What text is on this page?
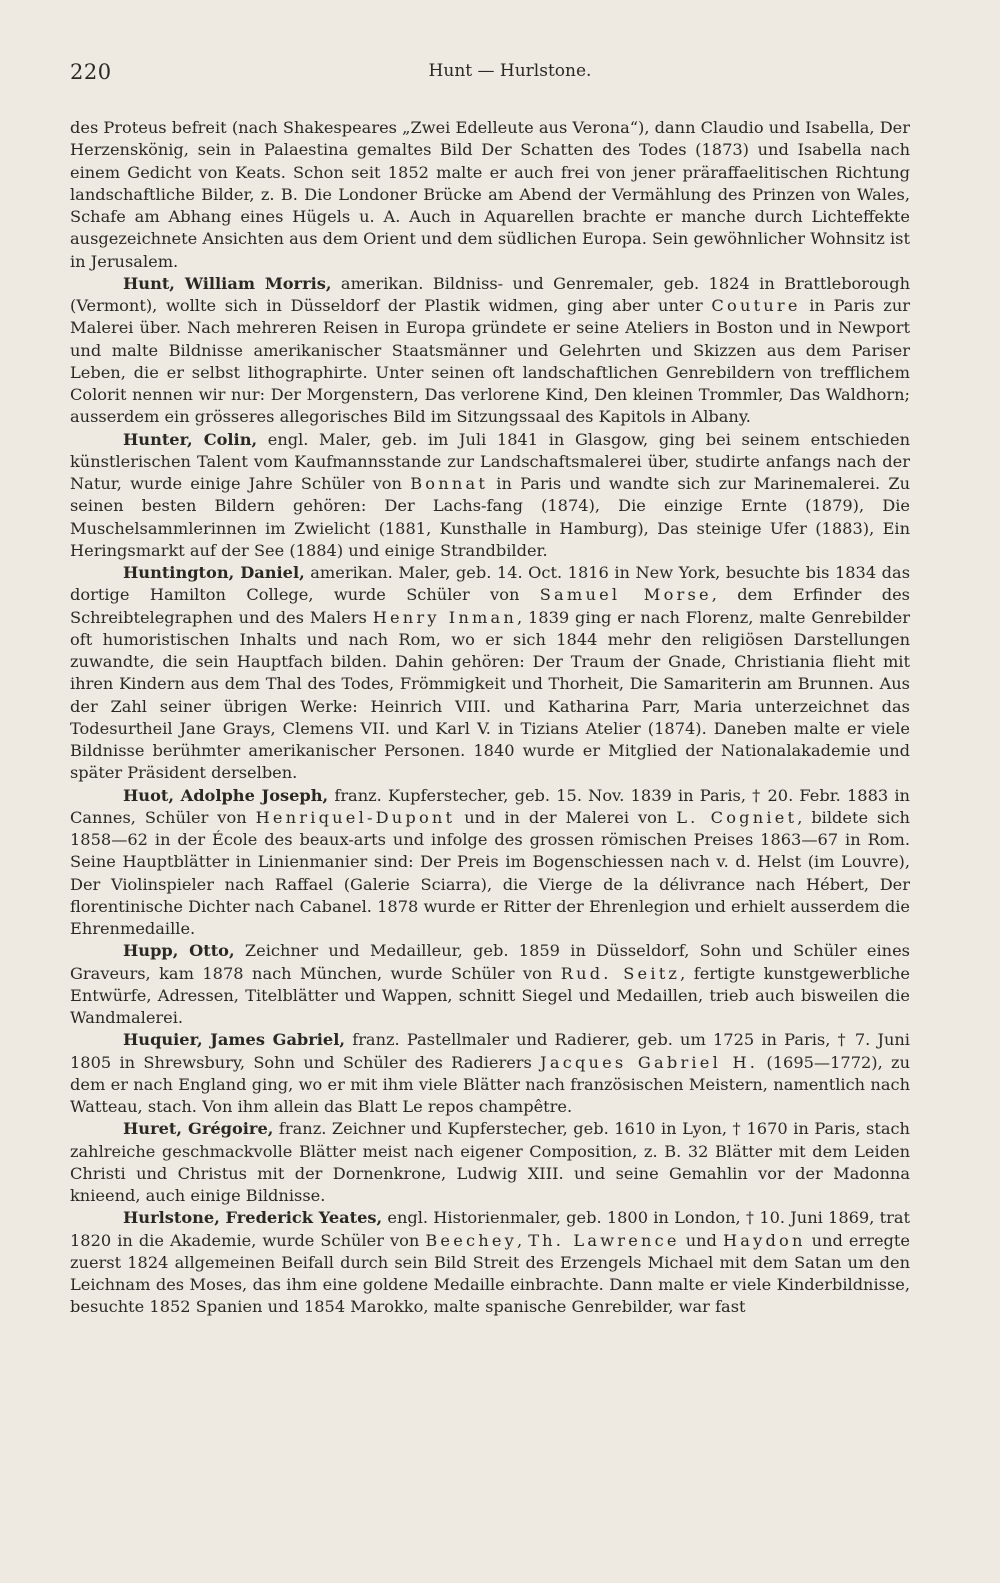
220	Hunt — Hurlstone.

des Proteus befreit (nach Shakespeares „Zwei Edelleute aus Verona“), dann Claudio und Isabella, Der Herzenskönig, sein in Palaestina gemaltes Bild Der Schatten des Todes (1873) und Isabella nach einem Gedicht von Keats. Schon seit 1852 malte er auch frei von jener präraffaelitischen Richtung landschaftliche Bilder, z. B. Die Londoner Brücke am Abend der Vermählung des Prinzen von Wales, Schafe am Abhang eines Hügels u. A. Auch in Aquarellen brachte er manche durch Lichteffekte ausgezeichnete Ansichten aus dem Orient und dem südlichen Europa. Sein gewöhnlicher Wohnsitz ist in Jerusalem.

Hunt, William Morris, amerikan. Bildniss- und Genremaler, geb. 1824 in Brattleborough (Vermont), wollte sich in Düsseldorf der Plastik widmen, ging aber unter Couture in Paris zur Malerei über. Nach mehreren Reisen in Europa gründete er seine Ateliers in Boston und in Newport und malte Bildnisse amerikanischer Staatsmänner und Gelehrten und Skizzen aus dem Pariser Leben, die er selbst lithographirte. Unter seinen oft landschaftlichen Genrebildern von trefflichem Colorit nennen wir nur: Der Morgenstern, Das verlorene Kind, Den kleinen Trommler, Das Waldhorn; ausserdem ein grösseres allegorisches Bild im Sitzungssaal des Kapitols in Albany.

Hunter, Colin, engl. Maler, geb. im Juli 1841 in Glasgow, ging bei seinem entschieden künstlerischen Talent vom Kaufmannsstande zur Landschaftsmalerei über, studirte anfangs nach der Natur, wurde einige Jahre Schüler von Bonnat in Paris und wandte sich zur Marinemalerei. Zu seinen besten Bildern gehören: Der Lachs-fang (1874), Die einzige Ernte (1879), Die Muschelsammlerinnen im Zwielicht (1881, Kunsthalle in Hamburg), Das steinige Ufer (1883), Ein Heringsmarkt auf der See (1884) und einige Strandbilder.

Huntington, Daniel, amerikan. Maler, geb. 14. Oct. 1816 in New York, besuchte bis 1834 das dortige Hamilton College, wurde Schüler von Samuel Morse, dem Erfinder des Schreibtelegraphen und des Malers Henry Inman, 1839 ging er nach Florenz, malte Genrebilder oft humoristischen Inhalts und nach Rom, wo er sich 1844 mehr den religiösen Darstellungen zuwandte, die sein Hauptfach bilden. Dahin gehören: Der Traum der Gnade, Christiania flieht mit ihren Kindern aus dem Thal des Todes, Frömmigkeit und Thorheit, Die Samariterin am Brunnen. Aus der Zahl seiner übrigen Werke: Heinrich VIII. und Katharina Parr, Maria unterzeichnet das Todesurtheil Jane Grays, Clemens VII. und Karl V. in Tizians Atelier (1874). Daneben malte er viele Bildnisse berühmter amerikanischer Personen. 1840 wurde er Mitglied der Nationalakademie und später Präsident derselben.

Huot, Adolphe Joseph, franz. Kupferstecher, geb. 15. Nov. 1839 in Paris, † 20. Febr. 1883 in Cannes, Schüler von Henriquel-Dupont und in der Malerei von L. Cogniet, bildete sich 1858—62 in der École des beaux-arts und infolge des grossen römischen Preises 1863—67 in Rom. Seine Hauptblätter in Linienmanier sind: Der Preis im Bogenschiessen nach v. d. Helst (im Louvre), Der Violinspieler nach Raffael (Galerie Sciarra), die Vierge de la délivrance nach Hébert, Der florentinische Dichter nach Cabanel. 1878 wurde er Ritter der Ehrenlegion und erhielt ausserdem die Ehrenmedaille.

Hupp, Otto, Zeichner und Medailleur, geb. 1859 in Düsseldorf, Sohn und Schüler eines Graveurs, kam 1878 nach München, wurde Schüler von Rud. Seitz, fertigte kunstgewerbliche Entwürfe, Adressen, Titelblätter und Wappen, schnitt Siegel und Medaillen, trieb auch bisweilen die Wandmalerei.

Huquier, James Gabriel, franz. Pastellmaler und Radierer, geb. um 1725 in Paris, † 7. Juni 1805 in Shrewsbury, Sohn und Schüler des Radierers Jacques Gabriel H. (1695—1772), zu dem er nach England ging, wo er mit ihm viele Blätter nach französischen Meistern, namentlich nach Watteau, stach. Von ihm allein das Blatt Le repos champêtre.

Huret, Grégoire, franz. Zeichner und Kupferstecher, geb. 1610 in Lyon, † 1670 in Paris, stach zahlreiche geschmackvolle Blätter meist nach eigener Composition, z. B. 32 Blätter mit dem Leiden Christi und Christus mit der Dornenkrone, Ludwig XIII. und seine Gemahlin vor der Madonna knieend, auch einige Bildnisse.

Hurlstone, Frederick Yeates, engl. Historienmaler, geb. 1800 in London, † 10. Juni 1869, trat 1820 in die Akademie, wurde Schüler von Beechey, Th. Lawrence und Haydon und erregte zuerst 1824 allgemeinen Beifall durch sein Bild Streit des Erzengels Michael mit dem Satan um den Leichnam des Moses, das ihm eine goldene Medaille einbrachte. Dann malte er viele Kinderbildnisse, besuchte 1852 Spanien und 1854 Marokko, malte spanische Genrebilder, war fast
